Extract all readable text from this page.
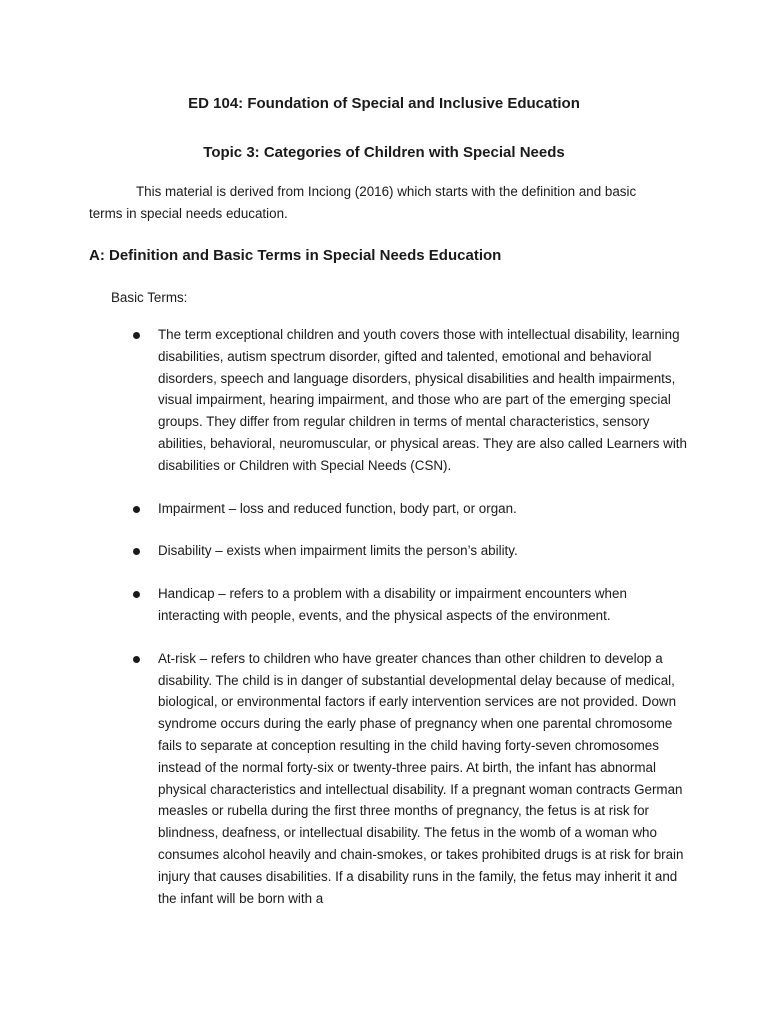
ED 104: Foundation of Special and Inclusive Education
Topic 3: Categories of Children with Special Needs
This material is derived from Inciong (2016) which starts with the definition and basic
terms in special needs education.
A: Definition and Basic Terms in Special Needs Education
Basic Terms:

The term exceptional children and youth covers those with intellectual disability, learning disabilities, autism spectrum disorder, gifted and talented, emotional and behavioral disorders, speech and language disorders, physical disabilities and health impairments, visual impairment, hearing impairment, and those who are part of the emerging special groups. They differ from regular children in terms of mental characteristics, sensory abilities, behavioral, neuromuscular, or physical areas. They are also called Learners with disabilities or Children with Special Needs (CSN).

Impairment – loss and reduced function, body part, or organ.

Disability – exists when impairment limits the person’s ability.

Handicap – refers to a problem with a disability or impairment encounters when interacting with people, events, and the physical aspects of the environment.

At-risk – refers to children who have greater chances than other children to develop a disability. The child is in danger of substantial developmental delay because of medical, biological, or environmental factors if early intervention services are not provided. Down syndrome occurs during the early phase of pregnancy when one parental chromosome fails to separate at conception resulting in the child having forty-seven chromosomes instead of the normal forty-six or twenty-three pairs. At birth, the infant has abnormal physical characteristics and intellectual disability. If a pregnant woman contracts German measles or rubella during the first three months of pregnancy, the fetus is at risk for blindness, deafness, or intellectual disability. The fetus in the womb of a woman who consumes alcohol heavily and chain-smokes, or takes prohibited drugs is at risk for brain injury that causes disabilities. If a disability runs in the family, the fetus may inherit it and the infant will be born with a
